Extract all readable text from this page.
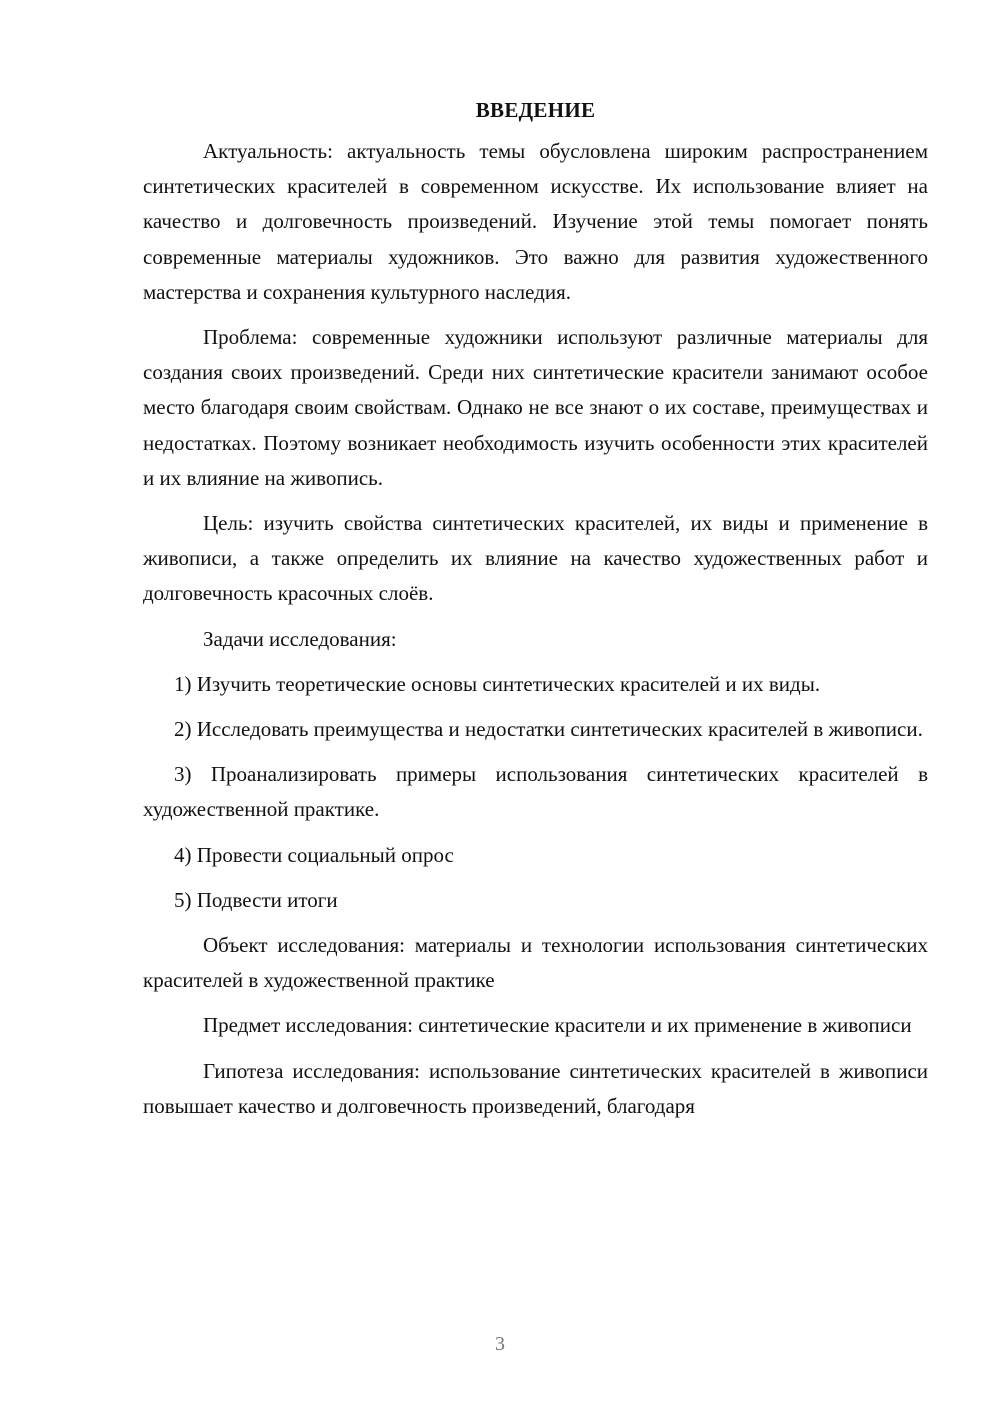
ВВЕДЕНИЕ

Актуальность: актуальность темы обусловлена широким распространением синтетических красителей в современном искусстве. Их использование влияет на качество и долговечность произведений. Изучение этой темы помогает понять современные материалы художников. Это важно для развития художественного мастерства и сохранения культурного наследия.

Проблема: современные художники используют различные материалы для создания своих произведений. Среди них синтетические красители занимают особое место благодаря своим свойствам. Однако не все знают о их составе, преимуществах и недостатках. Поэтому возникает необходимость изучить особенности этих красителей и их влияние на живопись.

Цель: изучить свойства синтетических красителей, их виды и применение в живописи, а также определить их влияние на качество художественных работ и долговечность красочных слоёв.

Задачи исследования:

1) Изучить теоретические основы синтетических красителей и их виды.

2) Исследовать преимущества и недостатки синтетических красителей в живописи.

3) Проанализировать примеры использования синтетических красителей в художественной практике.

4) Провести социальный опрос

5) Подвести итоги

Объект исследования: материалы и технологии использования синтетических красителей в художественной практике

Предмет исследования: синтетические красители и их применение в живописи

Гипотеза исследования: использование синтетических красителей в живописи повышает качество и долговечность произведений, благодаря

3
